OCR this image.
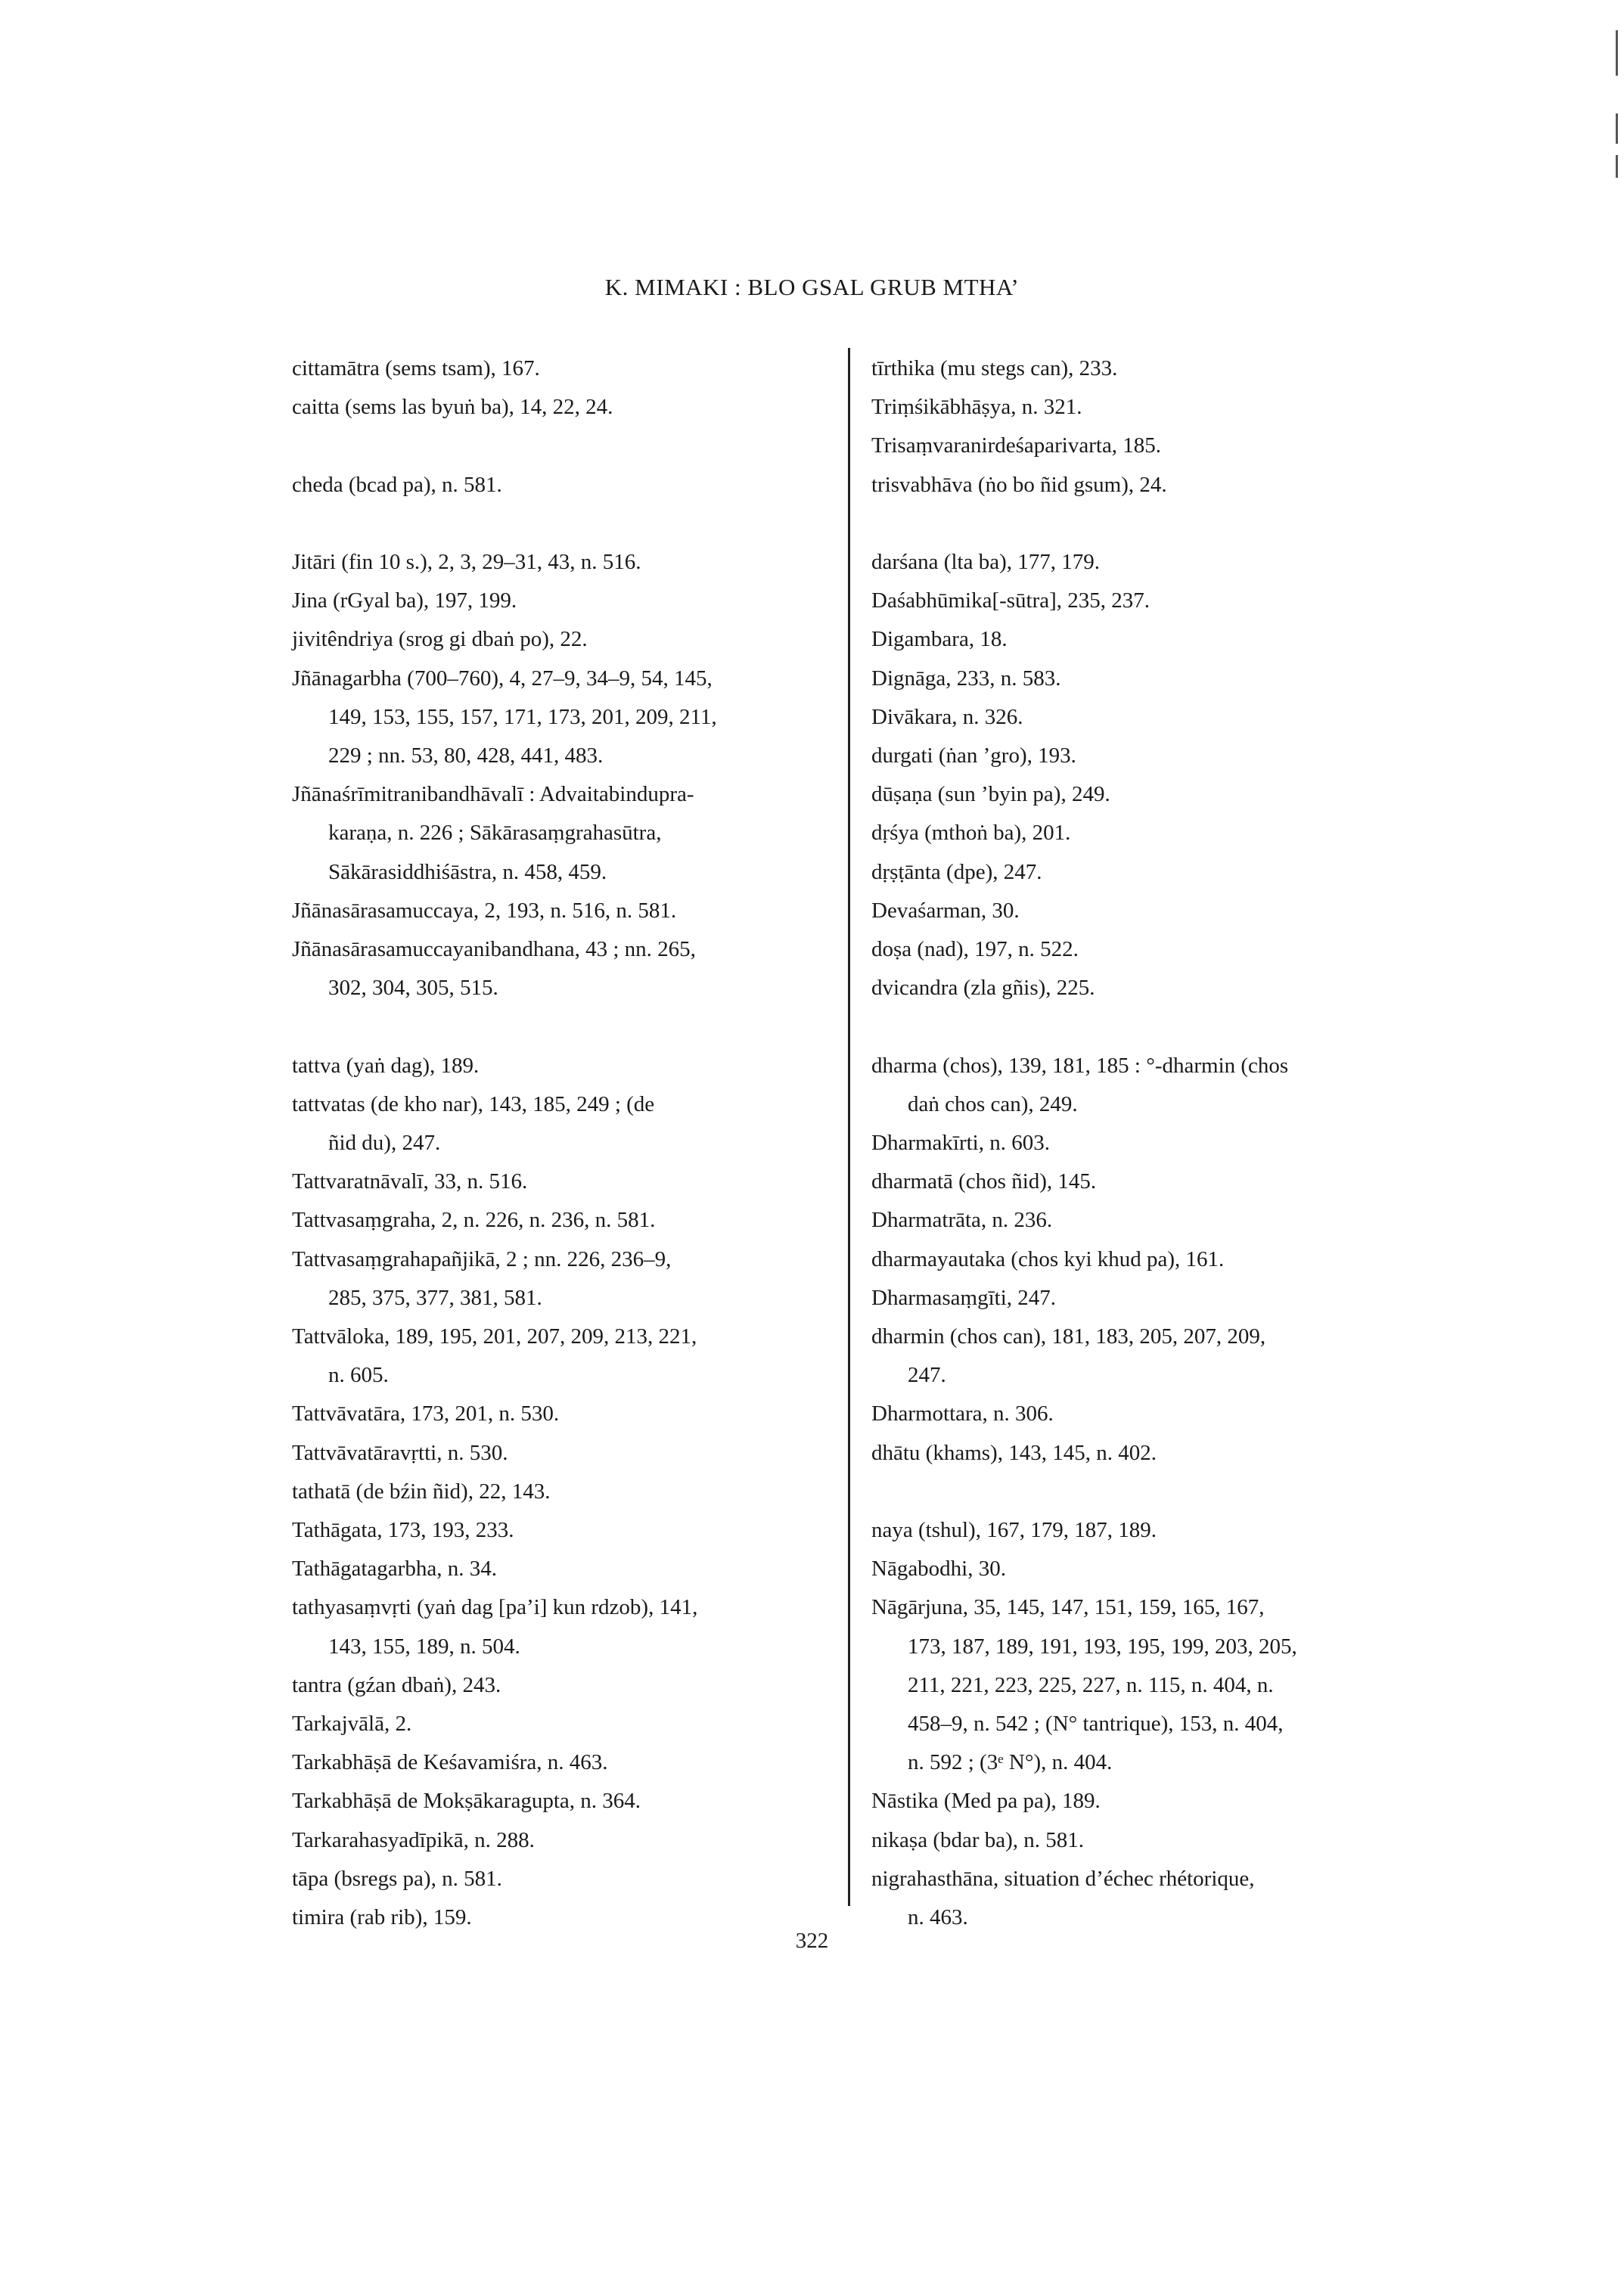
K. MIMAKI : BLO GSAL GRUB MTHA’
cittamātra (sems tsam), 167.
caitta (sems las byuṅ ba), 14, 22, 24.
cheda (bcad pa), n. 581.
Jitāri (fin 10 s.), 2, 3, 29–31, 43, n. 516.
Jina (rGyal ba), 197, 199.
jivitêndriya (srog gi dbaṅ po), 22.
Jñānagarbha (700–760), 4, 27–9, 34–9, 54, 145,
149, 153, 155, 157, 171, 173, 201, 209, 211,
229 ; nn. 53, 80, 428, 441, 483.
Jñānaśrīmitranibandhāvalī : Advaitabindupra-
karaṇa, n. 226 ; Sākārasaṃgrahasūtra,
Sākārasiddhiśāstra, n. 458, 459.
Jñānasārasamuccaya, 2, 193, n. 516, n. 581.
Jñānasārasamuccayanibandhana, 43 ; nn. 265,
302, 304, 305, 515.
tattva (yaṅ dag), 189.
tattvatas (de kho nar), 143, 185, 249 ; (de
ñid du), 247.
Tattvaratnāvalī, 33, n. 516.
Tattvasaṃgraha, 2, n. 226, n. 236, n. 581.
Tattvasaṃgrahapañjikā, 2 ; nn. 226, 236–9,
285, 375, 377, 381, 581.
Tattvāloka, 189, 195, 201, 207, 209, 213, 221,
n. 605.
Tattvāvatāra, 173, 201, n. 530.
Tattvāvatāravṛtti, n. 530.
tathatā (de bźin ñid), 22, 143.
Tathāgata, 173, 193, 233.
Tathāgatagarbha, n. 34.
tathyasaṃvṛti (yaṅ dag [pa’i] kun rdzob), 141,
143, 155, 189, n. 504.
tantra (gźan dbaṅ), 243.
Tarkajvālā, 2.
Tarkabhāṣā de Keśavamiśra, n. 463.
Tarkabhāṣā de Mokṣākaragupta, n. 364.
Tarkarahasyadīpikā, n. 288.
tāpa (bsregs pa), n. 581.
timira (rab rib), 159.
tīrthika (mu stegs can), 233.
Triṃśikābhāṣya, n. 321.
Trisaṃvaranirdeśaparivarta, 185.
trisvabhāva (ṅo bo ñid gsum), 24.
darśana (lta ba), 177, 179.
Daśabhūmika[-sūtra], 235, 237.
Digambara, 18.
Dignāga, 233, n. 583.
Divākara, n. 326.
durgati (ṅan ’gro), 193.
dūṣaṇa (sun ’byin pa), 249.
dṛśya (mthoṅ ba), 201.
dṛṣṭānta (dpe), 247.
Devaśarman, 30.
doṣa (nad), 197, n. 522.
dvicandra (zla gñis), 225.
dharma (chos), 139, 181, 185 : °-dharmin (chos
daṅ chos can), 249.
Dharmakīrti, n. 603.
dharmatā (chos ñid), 145.
Dharmatrāta, n. 236.
dharmayautaka (chos kyi khud pa), 161.
Dharmasaṃgīti, 247.
dharmin (chos can), 181, 183, 205, 207, 209,
247.
Dharmottara, n. 306.
dhātu (khams), 143, 145, n. 402.
naya (tshul), 167, 179, 187, 189.
Nāgabodhi, 30.
Nāgārjuna, 35, 145, 147, 151, 159, 165, 167,
173, 187, 189, 191, 193, 195, 199, 203, 205,
211, 221, 223, 225, 227, n. 115, n. 404, n.
458–9, n. 542 ; (N° tantrique), 153, n. 404,
n. 592 ; (3ᵉ N°), n. 404.
Nāstika (Med pa pa), 189.
nikaṣa (bdar ba), n. 581.
nigrahasthāna, situation d’échec rhétorique,
n. 463.
322
